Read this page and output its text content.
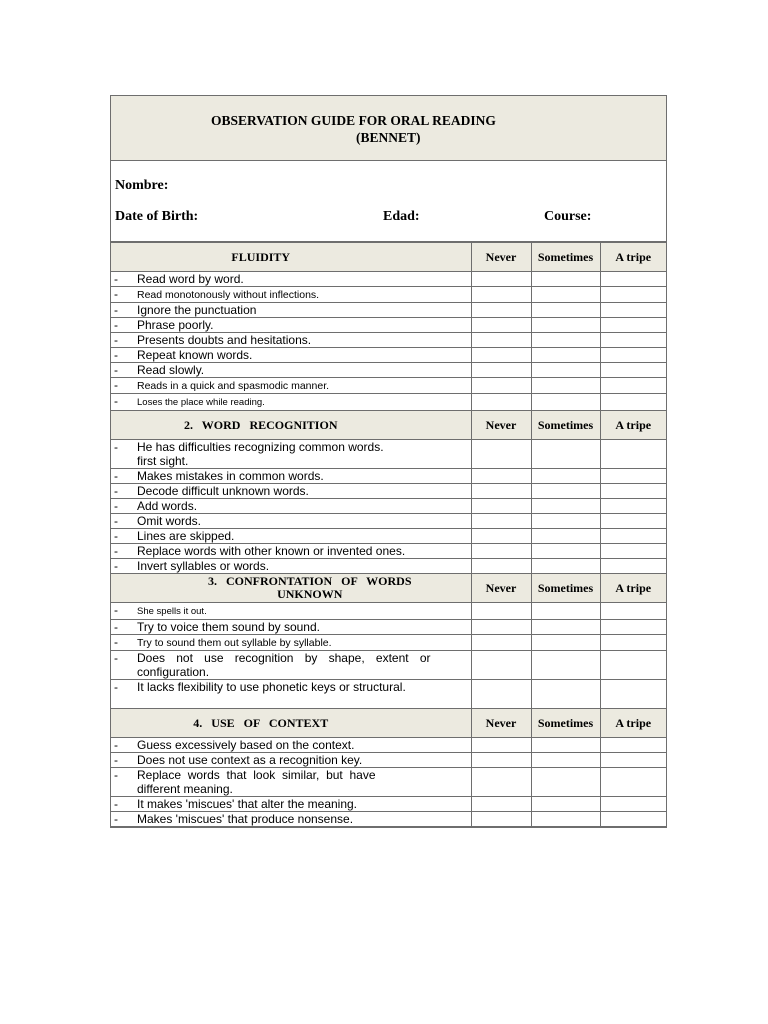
OBSERVATION GUIDE FOR ORAL READING
(BENNET)
Nombre:
Date of Birth:	Edad:	Course:
FLUIDITY	Never	Sometimes	A tripe

- Read word by word.			

- Read monotonously without inflections.			

- Ignore the punctuation			

- Phrase poorly.			

- Presents doubts and hesitations.			

- Repeat known words.			

- Read slowly.			

- Reads in a quick and spasmodic manner.			

- Loses the place while reading.			
2.   WORD   RECOGNITION	Never	Sometimes	A tripe

- He has difficulties recognizing common words. first sight.			

- Makes mistakes in common words.			

- Decode difficult unknown words.			

- Add words.			

- Omit words.			

- Lines are skipped.			

- Replace words with other known or invented ones.			

- Invert syllables or words.			
3.   CONFRONTATION   OF   WORDS UNKNOWN	Never	Sometimes	A tripe

- She spells it out.			

- Try to voice them sound by sound.			

- Try to sound them out syllable by syllable.			

- Does not use recognition by shape, extent or configuration.			

- It lacks flexibility to use phonetic keys or structural.			

4.   USE   OF   CONTEXT	Never	Sometimes	A tripe

- Guess excessively based on the context.			

- Does not use context as a recognition key.			

- Replace words that look similar, but have different meaning.			

- It makes 'miscues' that alter the meaning.			

- Makes 'miscues' that produce nonsense.			
